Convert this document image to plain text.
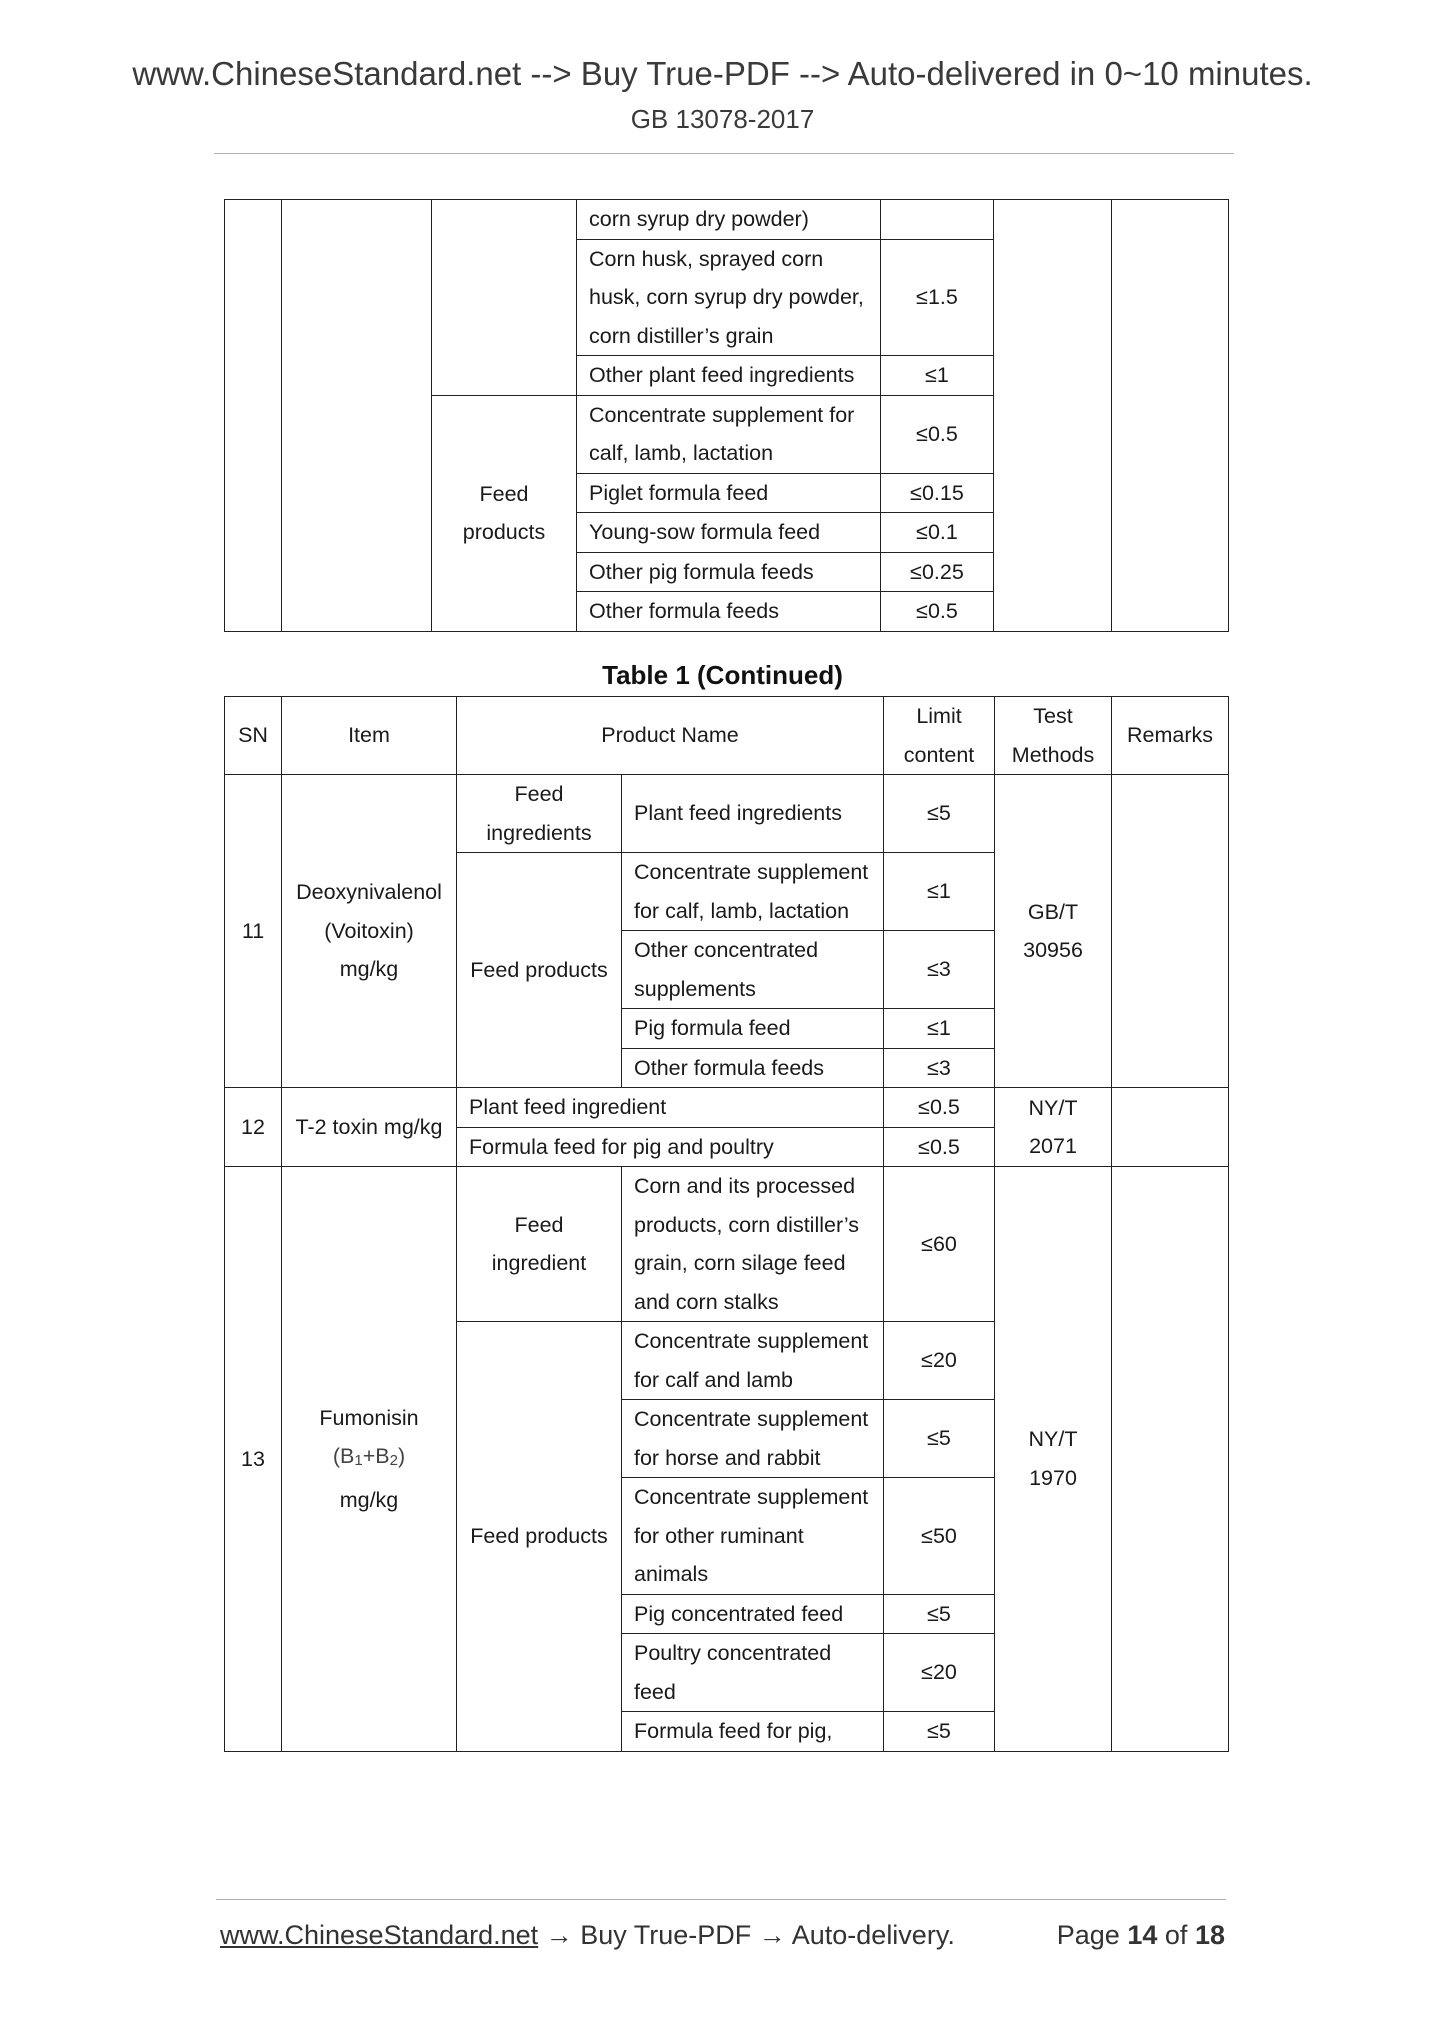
www.ChineseStandard.net --> Buy True-PDF --> Auto-delivered in 0~10 minutes.
GB 13078-2017
			corn syrup dry powder)			
			Corn husk, sprayed corn husk, corn syrup dry powder, corn distiller’s grain	≤1.5		
			Other plant feed ingredients	≤1		
		Feed products	Concentrate supplement for calf, lamb, lactation	≤0.5		
			Piglet formula feed	≤0.15		
			Young-sow formula feed	≤0.1		
			Other pig formula feeds	≤0.25		
			Other formula feeds	≤0.5		
Table 1 (Continued)
SN	Item	Product Name		Limit content	Test Methods	Remarks
11	Deoxynivalenol (Voitoxin) mg/kg	Feed ingredients	Plant feed ingredients	≤5	GB/T 30956	
		Feed products	Concentrate supplement for calf, lamb, lactation	≤1		
			Other concentrated supplements	≤3		
			Pig formula feed	≤1		
			Other formula feeds	≤3		
12	T-2 toxin mg/kg	Plant feed ingredient		≤0.5	NY/T 2071	
		Formula feed for pig and poultry		≤0.5		
13	Fumonisin
(B1+B2)
mg/kg	Feed ingredient	Corn and its processed products, corn distiller’s grain, corn silage feed and corn stalks	≤60	NY/T 1970	
		Feed products	Concentrate supplement for calf and lamb	≤20		
			Concentrate supplement for horse and rabbit	≤5		
			Concentrate supplement for other ruminant animals	≤50		
			Pig concentrated feed	≤5		
			Poultry concentrated feed	≤20		
			Formula feed for pig,	≤5		
www.ChineseStandard.net → Buy True-PDF → Auto-delivery.	Page 14 of 18
